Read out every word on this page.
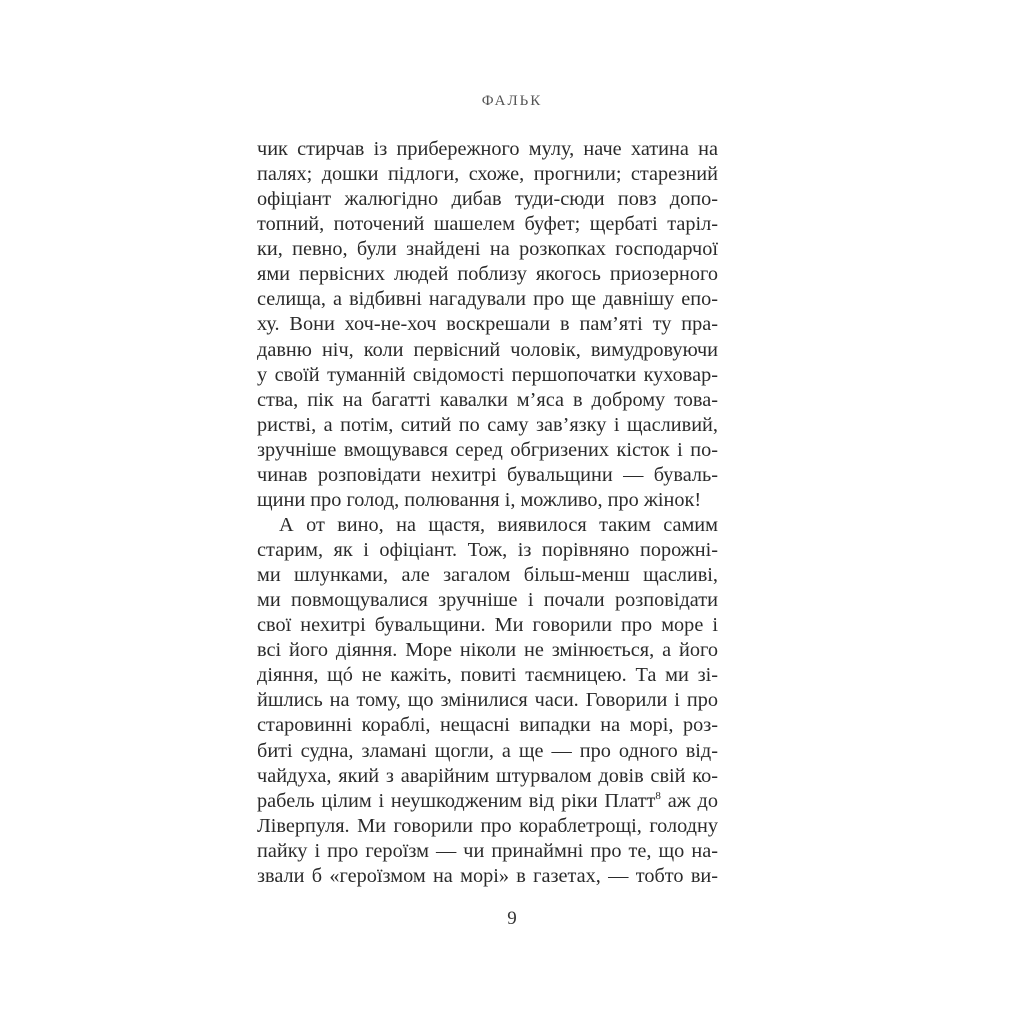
ФАЛЬК
чик стирчав із прибережного мулу, наче хатина на
палях; дошки підлоги, схоже, прогнили; старезний
офіціант жалюгідно дибав туди-сюди повз допо-
топний, поточений шашелем буфет; щербаті таріл-
ки, певно, були знайдені на розкопках господарчої
ями первісних людей поблизу якогось приозерного
селища, а відбивні нагадували про ще давнішу епо-
ху. Вони хоч-не-хоч воскрешали в пам’яті ту пра-
давню ніч, коли первісний чоловік, вимудровуючи
у своїй туманній свідомості першопочатки куховар-
ства, пік на багатті кавалки м’яса в доброму това-
ристві, а потім, ситий по саму зав’язку і щасливий,
зручніше вмощувався серед обгризених кісток і по-
чинав розповідати нехитрі бувальщини — буваль-
щини про голод, полювання і, можливо, про жінок!
А от вино, на щастя, виявилося таким самим
старим, як і офіціант. Тож, із порівняно порожні-
ми шлунками, але загалом більш-менш щасливі,
ми повмощувалися зручніше і почали розповідати
свої нехитрі бувальщини. Ми говорили про море і
всі його діяння. Море ніколи не змінюється, а його
діяння, щó не кажіть, повиті таємницею. Та ми зі-
йшлись на тому, що змінилися часи. Говорили і про
старовинні кораблі, нещасні випадки на морі, роз-
биті судна, зламані щогли, а ще — про одного від-
чайдуха, який з аварійним штурвалом довів свій ко-
рабель цілим і неушкодженим від ріки Платт$^8$ аж до
Ліверпуля. Ми говорили про кораблетрощі, голодну
пайку і про героїзм — чи принаймні про те, що на-
звали б «героїзмом на морі» в газетах, — тобто ви-
9
